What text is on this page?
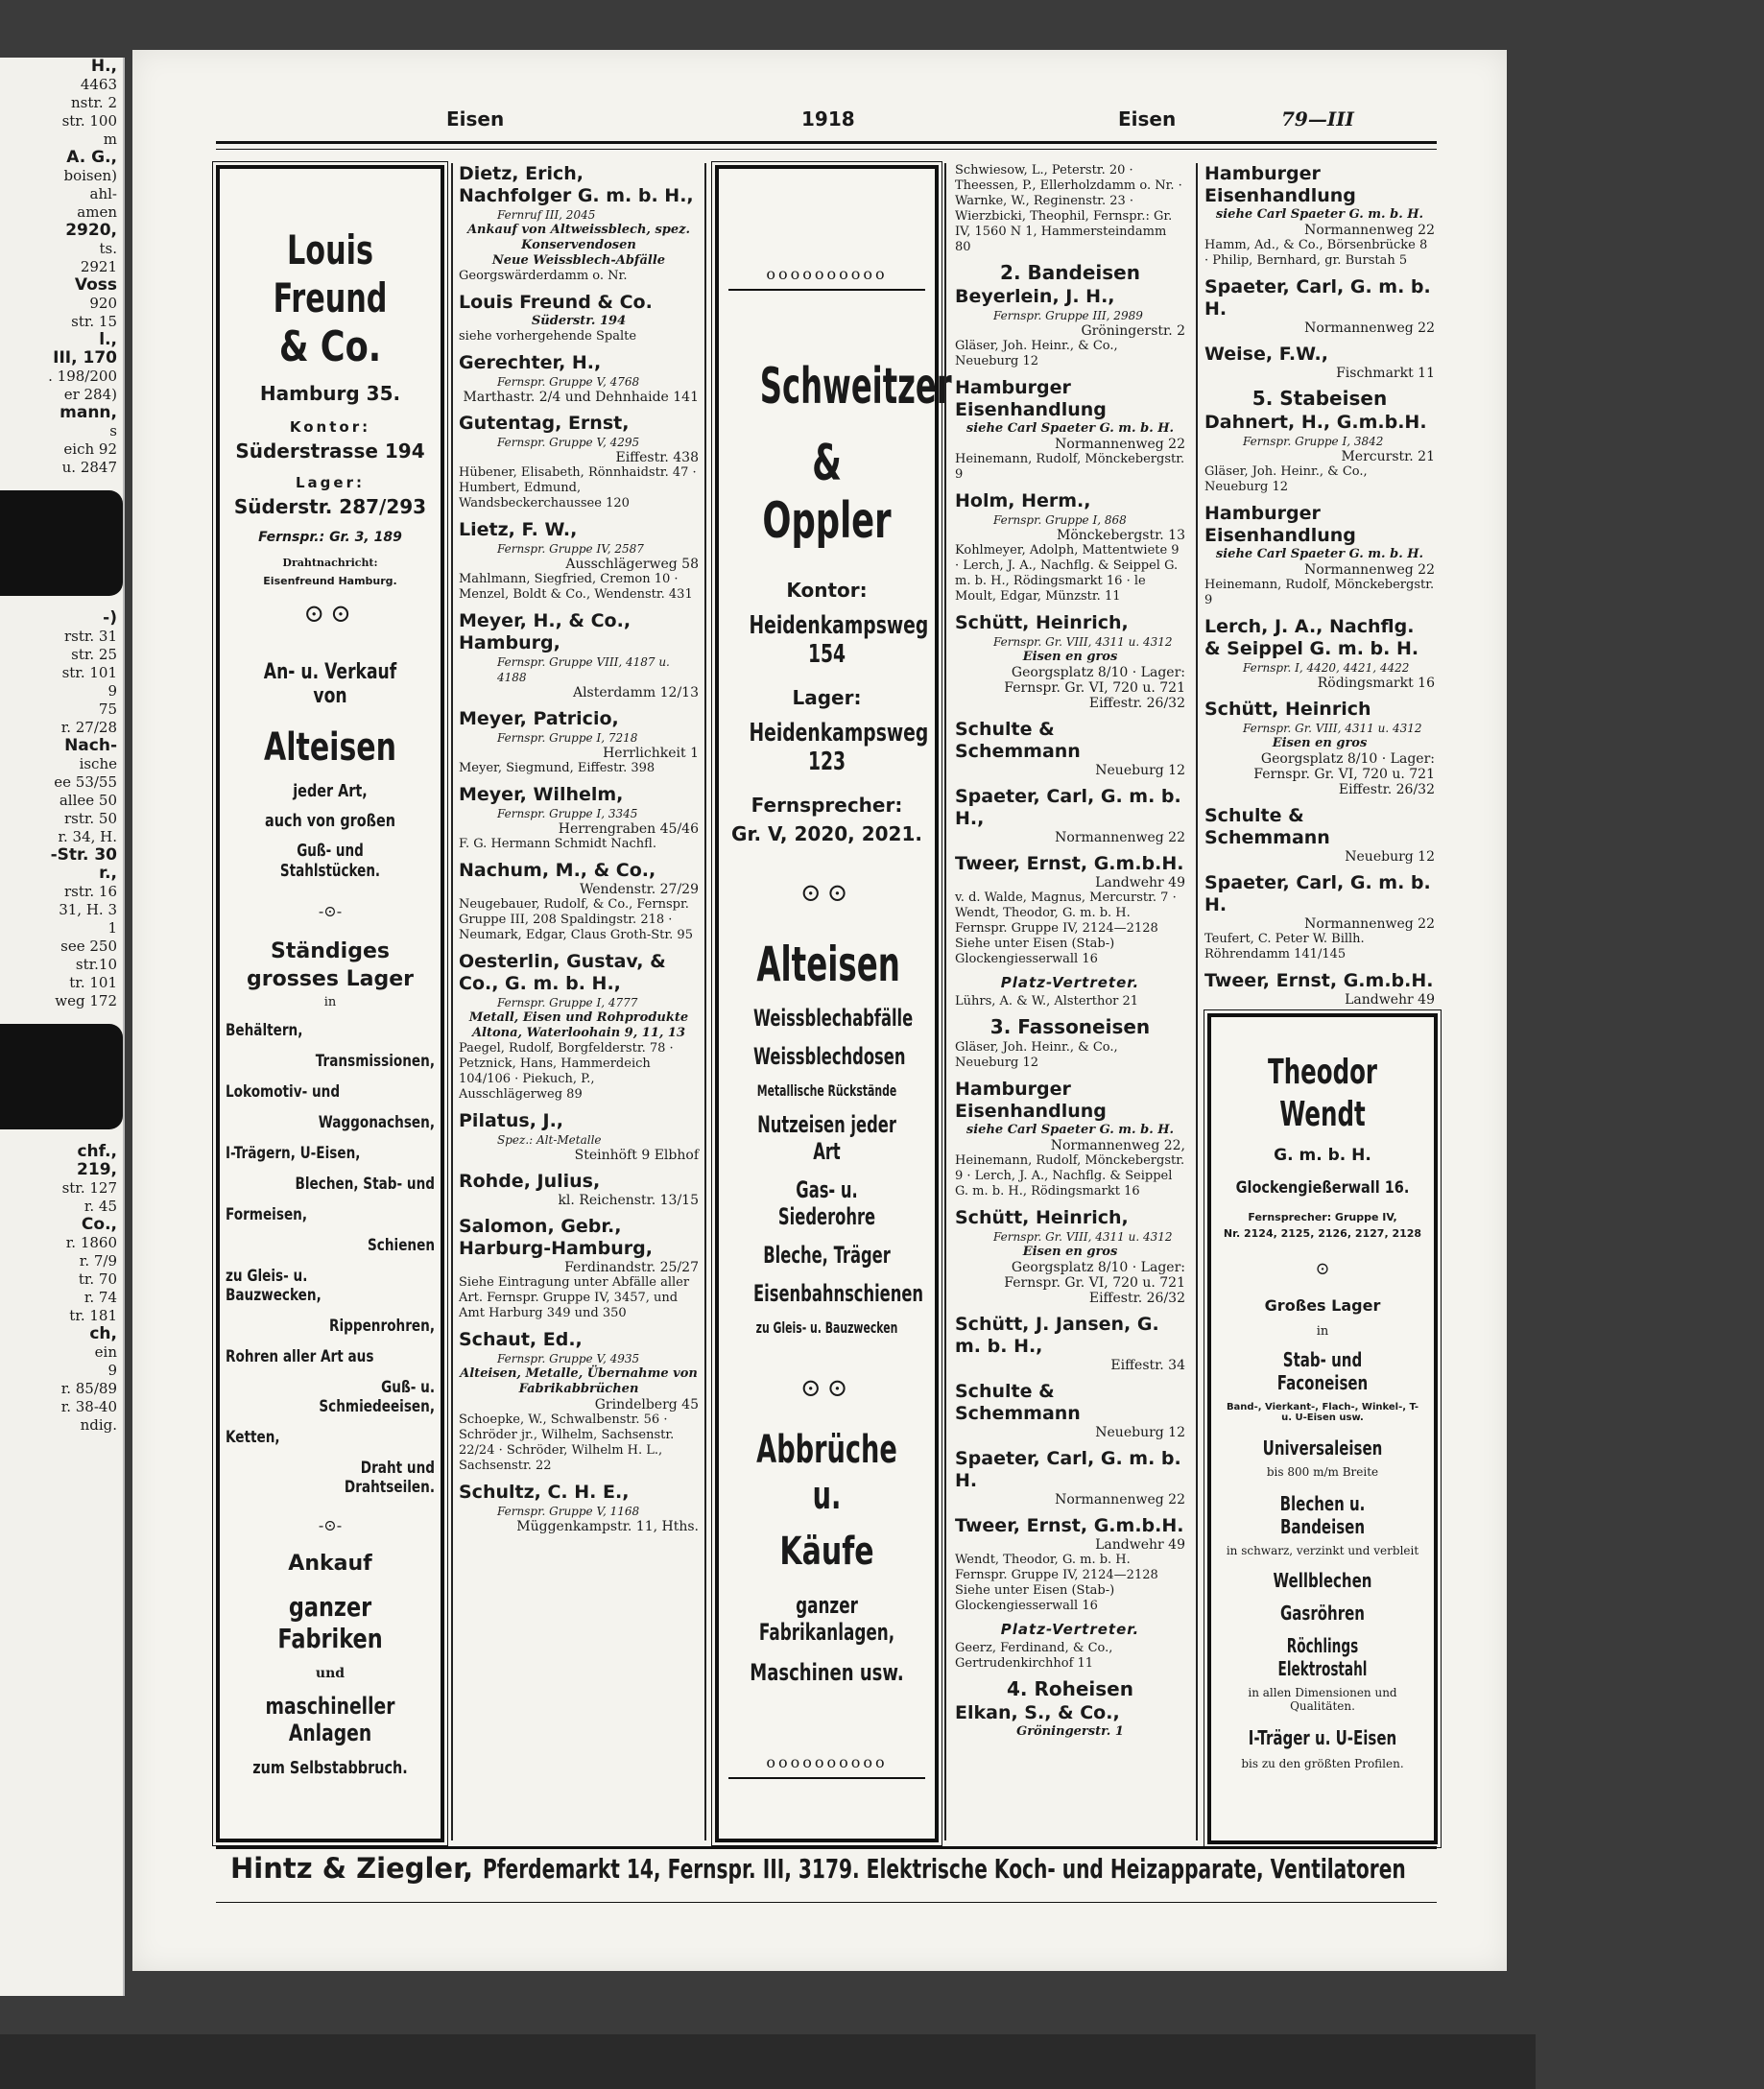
H.,
4463
nstr. 2
str. 100
m
A. G.,
boisen)
ahl-
amen
2920,
ts.
2921
Voss
920
str. 15
l.,
III, 170
. 198/200
er 284)
mann,
s
eich 92
u. 2847
-)
rstr. 31
str. 25
str. 101
9
75
r. 27/28
Nach-
ische
ee 53/55
allee 50
rstr. 50
r. 34, H.
-Str. 30
r.,
rstr. 16
31, H. 3
1
see 250
str.10
tr. 101
weg 172
chf.,
219,
str. 127
r. 45
Co.,
r. 1860
r. 7/9
tr. 70
r. 74
tr. 181
ch,
ein
9
r. 85/89
r. 38-40
ndig.
Eisen	1918	Eisen	79—III
Louis Freund
& Co.
Hamburg 35.
Kontor:
Süderstrasse 194
Lager:
Süderstr. 287/293
Fernspr.: Gr. 3, 189
Drahtnachricht:
Eisenfreund Hamburg.
⊙⊙
An- u. Verkauf von
Alteisen
jeder Art,
auch von großen
Guß- und Stahlstücken.
-⊙-
Ständiges
grosses Lager
in
Behältern,
Transmissionen,
Lokomotiv- und
Waggonachsen,
I-Trägern, U-Eisen,
Blechen, Stab- und
Formeisen,
Schienen
zu Gleis- u. Bauzwecken,
Rippenrohren,
Rohren aller Art aus
Guß- u. Schmiedeeisen,
Ketten,
Draht und Drahtseilen.
-⊙-
Ankauf
ganzer Fabriken
und
maschineller Anlagen
zum Selbstabbruch.
Dietz, Erich, Nachfolger G. m. b. H.,
Fernruf III, 2045
Ankauf von Altweissblech, spez. Konservendosen
Neue Weissblech-Abfälle
Georgswärderdamm o. Nr.
Louis Freund & Co.
Süderstr. 194
siehe vorhergehende Spalte
Gerechter, H.,
Fernspr. Gruppe V, 4768
Marthastr. 2/4 und Dehnhaide 141
Gutentag, Ernst,
Fernspr. Gruppe V, 4295
Eiffestr. 438
Hübener, Elisabeth, Rönnhaidstr. 47 · Humbert, Edmund, Wandsbeckerchaussee 120
Lietz, F. W.,
Fernspr. Gruppe IV, 2587
Ausschlägerweg 58
Mahlmann, Siegfried, Cremon 10 · Menzel, Boldt & Co., Wendenstr. 431
Meyer, H., & Co., Hamburg,
Fernspr. Gruppe VIII, 4187 u. 4188
Alsterdamm 12/13
Meyer, Patricio,
Fernspr. Gruppe I, 7218
Herrlichkeit 1
Meyer, Siegmund, Eiffestr. 398
Meyer, Wilhelm,
Fernspr. Gruppe I, 3345
Herrengraben 45/46
F. G. Hermann Schmidt Nachfl.
Nachum, M., & Co.,
Wendenstr. 27/29
Neugebauer, Rudolf, & Co., Fernspr. Gruppe III, 208 Spaldingstr. 218 · Neumark, Edgar, Claus Groth-Str. 95
Oesterlin, Gustav, & Co., G. m. b. H.,
Fernspr. Gruppe I, 4777
Metall, Eisen und Rohprodukte
Altona, Waterloohain 9, 11, 13
Paegel, Rudolf, Borgfelderstr. 78 · Petznick, Hans, Hammerdeich 104/106 · Piekuch, P., Ausschlägerweg 89
Pilatus, J.,
Spez.: Alt-Metalle
Steinhöft 9 Elbhof
Rohde, Julius,
kl. Reichenstr. 13/15
Salomon, Gebr., Harburg-Hamburg,
Ferdinandstr. 25/27
Siehe Eintragung unter Abfälle aller Art. Fernspr. Gruppe IV, 3457, und Amt Harburg 349 und 350
Schaut, Ed.,
Fernspr. Gruppe V, 4935
Alteisen, Metalle, Übernahme von Fabrikabbrüchen
Grindelberg 45
Schoepke, W., Schwalbenstr. 56 · Schröder jr., Wilhelm, Sachsenstr. 22/24 · Schröder, Wilhelm H. L., Sachsenstr. 22
Schultz, C. H. E.,
Fernspr. Gruppe V, 1168
Müggenkampstr. 11, Hths.
oooooooooo
Schweitzer
& Oppler
Kontor:
Heidenkampsweg 154
Lager:
Heidenkampsweg 123
Fernsprecher:
Gr. V, 2020, 2021.
⊙⊙
Alteisen
Weissblechabfälle
Weissblechdosen
Metallische Rückstände
Nutzeisen jeder Art
Gas- u. Siederohre
Bleche, Träger
Eisenbahnschienen
zu Gleis- u. Bauzwecken
⊙⊙
Abbrüche u.
Käufe
ganzer Fabrikanlagen,
Maschinen usw.
oooooooooo
Schwiesow, L., Peterstr. 20 · Theessen, P., Ellerholzdamm o. Nr. · Warnke, W., Reginenstr. 23 · Wierzbicki, Theophil, Fernspr.: Gr. IV, 1560 N 1, Hammersteindamm 80
2. Bandeisen
Beyerlein, J. H.,
Fernspr. Gruppe III, 2989
Gröningerstr. 2
Gläser, Joh. Heinr., & Co., Neueburg 12
Hamburger Eisenhandlung
siehe Carl Spaeter G. m. b. H.
Normannenweg 22
Heinemann, Rudolf, Mönckebergstr. 9
Holm, Herm.,
Fernspr. Gruppe I, 868
Mönckebergstr. 13
Kohlmeyer, Adolph, Mattentwiete 9 · Lerch, J. A., Nachflg. & Seippel G. m. b. H., Rödingsmarkt 16 · le Moult, Edgar, Münzstr. 11
Schütt, Heinrich,
Fernspr. Gr. VIII, 4311 u. 4312
Eisen en gros
Georgsplatz 8/10 · Lager: Fernspr. Gr. VI, 720 u. 721 Eiffestr. 26/32
Schulte & Schemmann
Neueburg 12
Spaeter, Carl, G. m. b. H.,
Normannenweg 22
Tweer, Ernst, G.m.b.H.
Landwehr 49
v. d. Walde, Magnus, Mercurstr. 7 · Wendt, Theodor, G. m. b. H. Fernspr. Gruppe IV, 2124—2128 Siehe unter Eisen (Stab-) Glockengiesserwall 16
Platz-Vertreter.
Lührs, A. & W., Alsterthor 21
3. Fassoneisen
Gläser, Joh. Heinr., & Co., Neueburg 12
Hamburger Eisenhandlung
siehe Carl Spaeter G. m. b. H.
Normannenweg 22,
Heinemann, Rudolf, Mönckebergstr. 9 · Lerch, J. A., Nachflg. & Seippel G. m. b. H., Rödingsmarkt 16
Schütt, Heinrich,
Fernspr. Gr. VIII, 4311 u. 4312
Eisen en gros
Georgsplatz 8/10 · Lager: Fernspr. Gr. VI, 720 u. 721 Eiffestr. 26/32
Schütt, J. Jansen, G. m. b. H.,
Eiffestr. 34
Schulte & Schemmann
Neueburg 12
Spaeter, Carl, G. m. b. H.
Normannenweg 22
Tweer, Ernst, G.m.b.H.
Landwehr 49
Wendt, Theodor, G. m. b. H. Fernspr. Gruppe IV, 2124—2128 Siehe unter Eisen (Stab-) Glockengiesserwall 16
Platz-Vertreter.
Geerz, Ferdinand, & Co., Gertrudenkirchhof 11
4. Roheisen
Elkan, S., & Co.,
Gröningerstr. 1
Hamburger Eisenhandlung
siehe Carl Spaeter G. m. b. H.
Normannenweg 22
Hamm, Ad., & Co., Börsenbrücke 8 · Philip, Bernhard, gr. Burstah 5
Spaeter, Carl, G. m. b. H.
Normannenweg 22
Weise, F.W.,
Fischmarkt 11
5. Stabeisen
Dahnert, H., G.m.b.H.
Fernspr. Gruppe I, 3842
Mercurstr. 21
Gläser, Joh. Heinr., & Co., Neueburg 12
Hamburger Eisenhandlung
siehe Carl Spaeter G. m. b. H.
Normannenweg 22
Heinemann, Rudolf, Mönckebergstr. 9
Lerch, J. A., Nachflg. & Seippel G. m. b. H.
Fernspr. I, 4420, 4421, 4422
Rödingsmarkt 16
Schütt, Heinrich
Fernspr. Gr. VIII, 4311 u. 4312
Eisen en gros
Georgsplatz 8/10 · Lager: Fernspr. Gr. VI, 720 u. 721 Eiffestr. 26/32
Schulte & Schemmann
Neueburg 12
Spaeter, Carl, G. m. b. H.
Normannenweg 22
Teufert, C. Peter W. Billh. Röhrendamm 141/145
Tweer, Ernst, G.m.b.H.
Landwehr 49
Theodor Wendt
G. m. b. H.
Glockengießerwall 16.
Fernsprecher: Gruppe IV,
Nr. 2124, 2125, 2126, 2127, 2128
⊙
Großes Lager
in
Stab- und Faconeisen
Band-, Vierkant-, Flach-, Winkel-, T- u. U-Eisen usw.
Universaleisen
bis 800 m/m Breite
Blechen u. Bandeisen
in schwarz, verzinkt und verbleit
Wellblechen
Gasröhren
Röchlings Elektrostahl
in allen Dimensionen und Qualitäten.
I-Träger u. U-Eisen
bis zu den größten Profilen.
Hintz & Ziegler, Pferdemarkt 14, Fernspr. III, 3179. Elektrische Koch- und Heizapparate, Ventilatoren
